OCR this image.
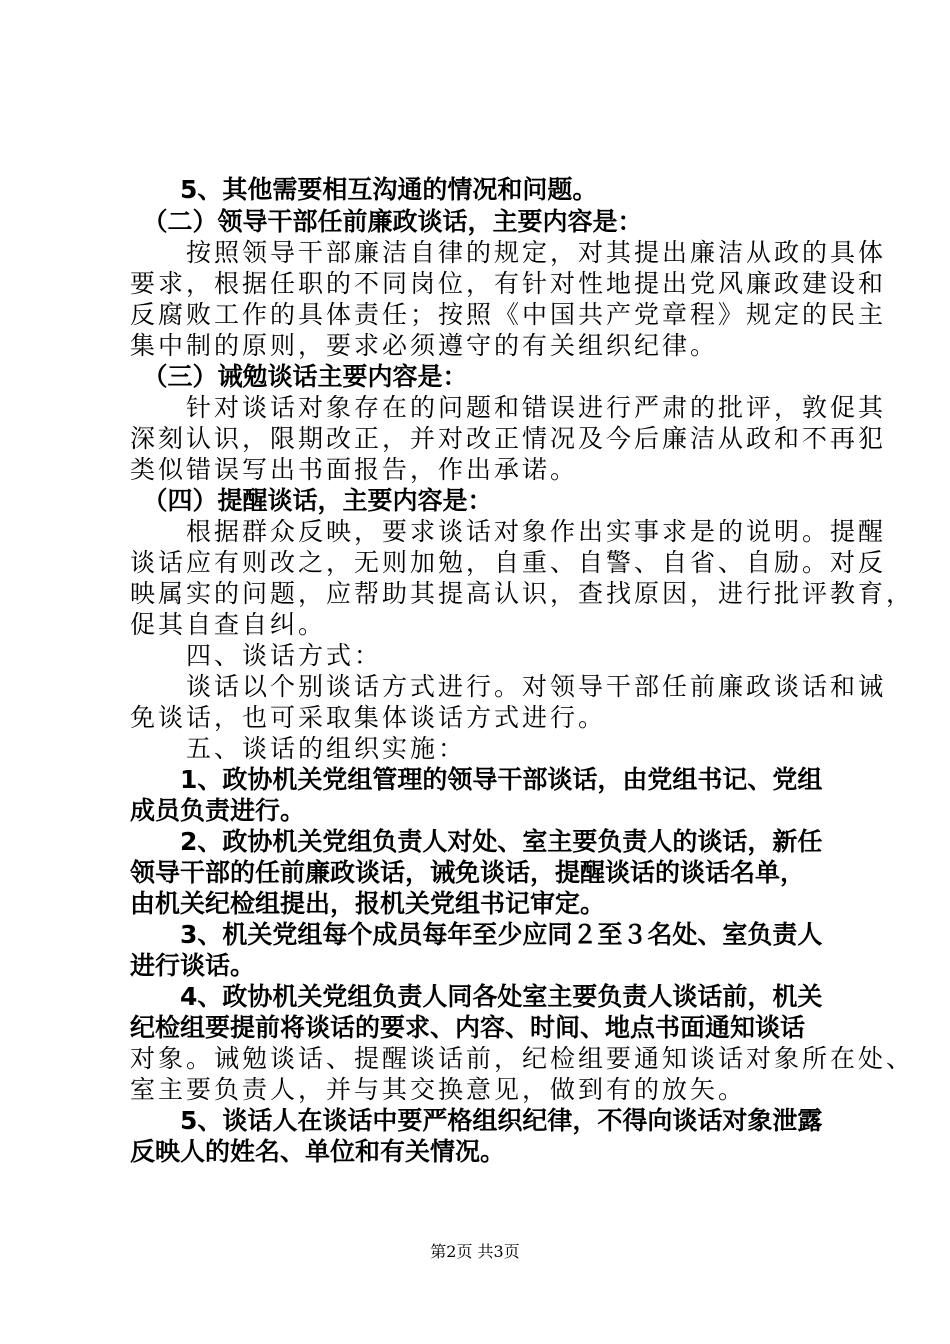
　　5、其他需要相互沟通的情况和问题。
　（二）领导干部任前廉政谈话，主要内容是：
　　按照领导干部廉洁自律的规定，对其提出廉洁从政的具体
要求，根据任职的不同岗位，有针对性地提出党风廉政建设和
反腐败工作的具体责任；按照《中国共产党章程》规定的民主
集中制的原则，要求必须遵守的有关组织纪律。
　（三）诫勉谈话主要内容是：
　　针对谈话对象存在的问题和错误进行严肃的批评，敦促其
深刻认识，限期改正，并对改正情况及今后廉洁从政和不再犯
类似错误写出书面报告，作出承诺。
　（四）提醒谈话，主要内容是：
　　根据群众反映，要求谈话对象作出实事求是的说明。提醒
谈话应有则改之，无则加勉，自重、自警、自省、自励。对反
映属实的问题，应帮助其提高认识，查找原因，进行批评教育，
促其自查自纠。
　　四、谈话方式：
　　谈话以个别谈话方式进行。对领导干部任前廉政谈话和诫
免谈话，也可采取集体谈话方式进行。
　　五、谈话的组织实施：
　　1、政协机关党组管理的领导干部谈话，由党组书记、党组
成员负责进行。
　　2、政协机关党组负责人对处、室主要负责人的谈话，新任
领导干部的任前廉政谈话，诫免谈话，提醒谈话的谈话名单，
由机关纪检组提出，报机关党组书记审定。
　　3、机关党组每个成员每年至少应同２至３名处、室负责人
进行谈话。
　　4、政协机关党组负责人同各处室主要负责人谈话前，机关
纪检组要提前将谈话的要求、内容、时间、地点书面通知谈话
对象。诫勉谈话、提醒谈话前，纪检组要通知谈话对象所在处、
室主要负责人，并与其交换意见，做到有的放矢。
　　5、谈话人在谈话中要严格组织纪律，不得向谈话对象泄露
反映人的姓名、单位和有关情况。
第2页 共3页
